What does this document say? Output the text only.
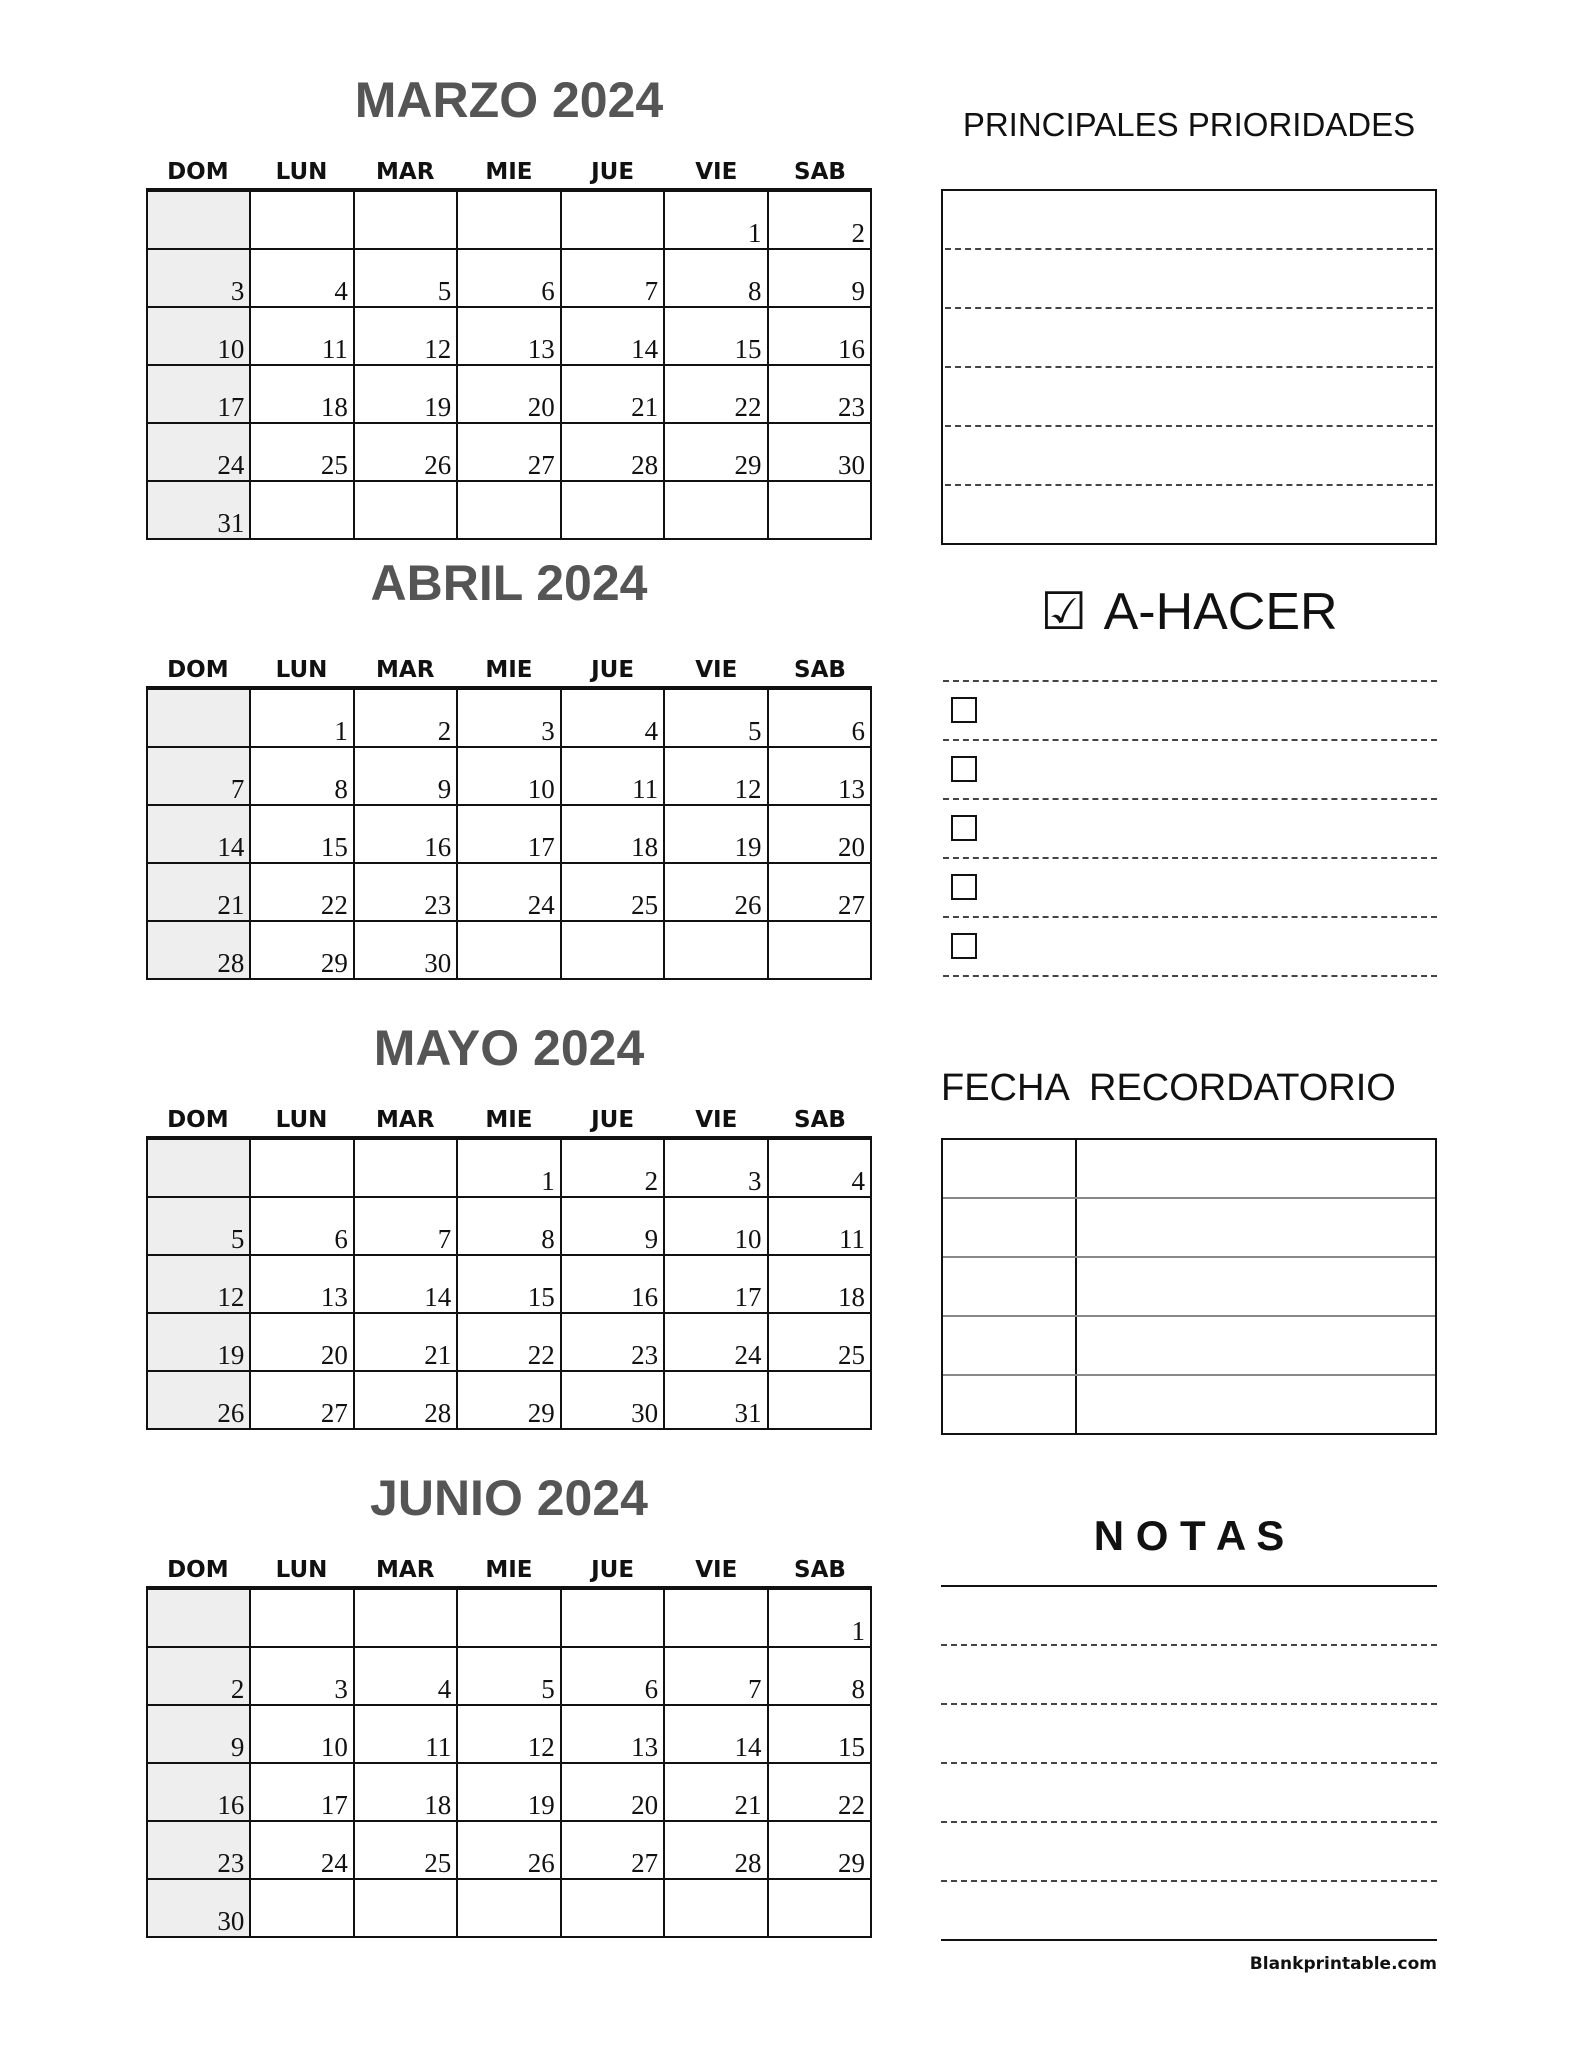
MARZO 2024
DOM	LUN	MAR	MIE	JUE	VIE	SAB
					1	2
3	4	5	6	7	8	9
10	11	12	13	14	15	16
17	18	19	20	21	22	23
24	25	26	27	28	29	30
31						
ABRIL 2024
DOM	LUN	MAR	MIE	JUE	VIE	SAB
	1	2	3	4	5	6
7	8	9	10	11	12	13
14	15	16	17	18	19	20
21	22	23	24	25	26	27
28	29	30				
MAYO 2024
DOM	LUN	MAR	MIE	JUE	VIE	SAB
			1	2	3	4
5	6	7	8	9	10	11
12	13	14	15	16	17	18
19	20	21	22	23	24	25
26	27	28	29	30	31	
JUNIO 2024
DOM	LUN	MAR	MIE	JUE	VIE	SAB
						1
2	3	4	5	6	7	8
9	10	11	12	13	14	15
16	17	18	19	20	21	22
23	24	25	26	27	28	29
30						
PRINCIPALES PRIORIDADES
☑ A-HACER
FECHA RECORDATORIO
N O T A S
Blankprintable.com
